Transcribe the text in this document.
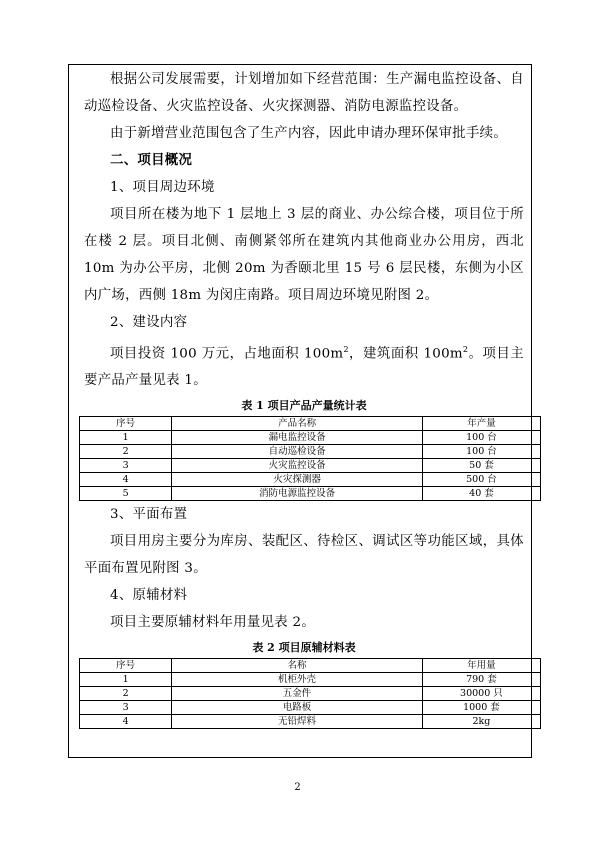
根据公司发展需要，计划增加如下经营范围：生产漏电监控设备、自动巡检设备、火灾监控设备、火灾探测器、消防电源监控设备。

由于新增营业范围包含了生产内容，因此申请办理环保审批手续。

二、项目概况

1、项目周边环境

项目所在楼为地下 1 层地上 3 层的商业、办公综合楼，项目位于所在楼 2 层。项目北侧、南侧紧邻所在建筑内其他商业办公用房，西北 10m 为办公平房，北侧 20m 为香颐北里 15 号 6 层民楼，东侧为小区内广场，西侧 18m 为闵庄南路。项目周边环境见附图 2。

2、建设内容

项目投资 100 万元，占地面积 $100m^2$，建筑面积 $100m^2$。项目主要产品产量见表 1。

表 1 项目产品产量统计表
序号	产品名称	年产量
1	漏电监控设备	100 台
2	自动巡检设备	100 台
3	火灾监控设备	50 套
4	火灾探测器	500 台
5	消防电源监控设备	40 套

3、平面布置

项目用房主要分为库房、装配区、待检区、调试区等功能区域，具体平面布置见附图 3。

4、原辅材料

项目主要原辅材料年用量见表 2。

表 2 项目原辅材料表
序号	名称	年用量
1	机柜外壳	790 套
2	五金件	30000 只
3	电路板	1000 套
4	无铅焊料	2kg
2
